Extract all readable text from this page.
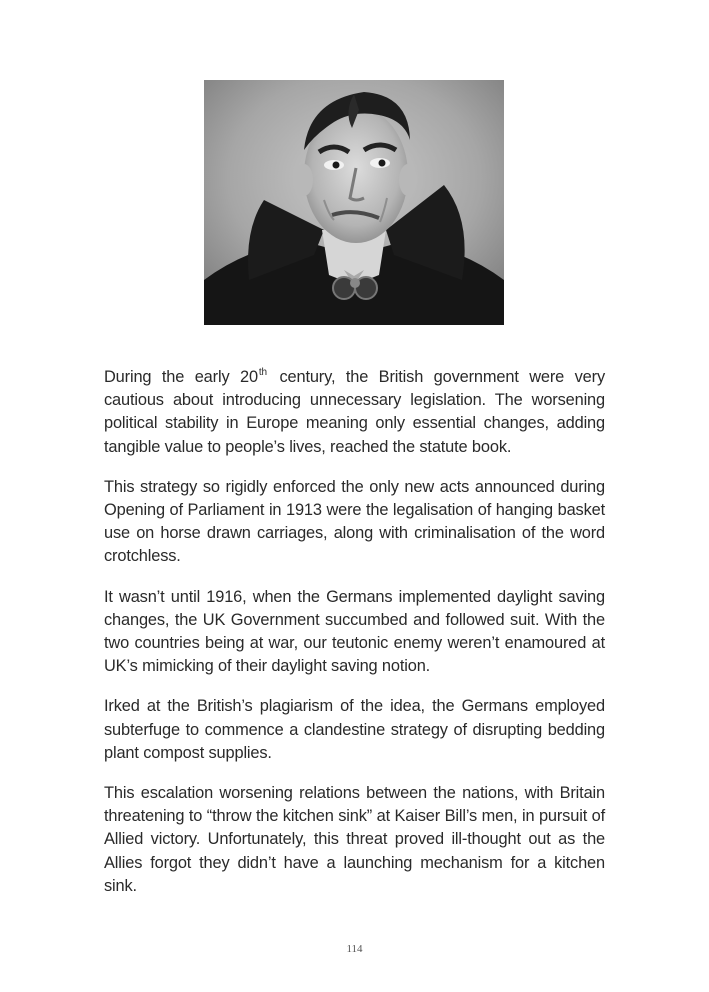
During the early 20th century, the British government were very cautious about introducing unnecessary legislation. The worsening political stability in Europe meaning only essential changes, adding tangible value to people’s lives, reached the statute book.

This strategy so rigidly enforced the only new acts announced during Opening of Parliament in 1913 were the legalisation of hanging basket use on horse drawn carriages, along with criminalisation of the word crotchless.

It wasn’t until 1916, when the Germans implemented daylight saving changes, the UK Government succumbed and followed suit. With the two countries being at war, our teutonic enemy weren’t enamoured at UK’s mimicking of their daylight saving notion.

Irked at the British’s plagiarism of the idea, the Germans employed subterfuge to commence a clandestine strategy of disrupting bedding plant compost supplies.

This escalation worsening relations between the nations, with Britain threatening to “throw the kitchen sink” at Kaiser Bill’s men, in pursuit of Allied victory. Unfortunately, this threat proved ill-thought out as the Allies forgot they didn’t have a launching mechanism for a kitchen sink.

114
